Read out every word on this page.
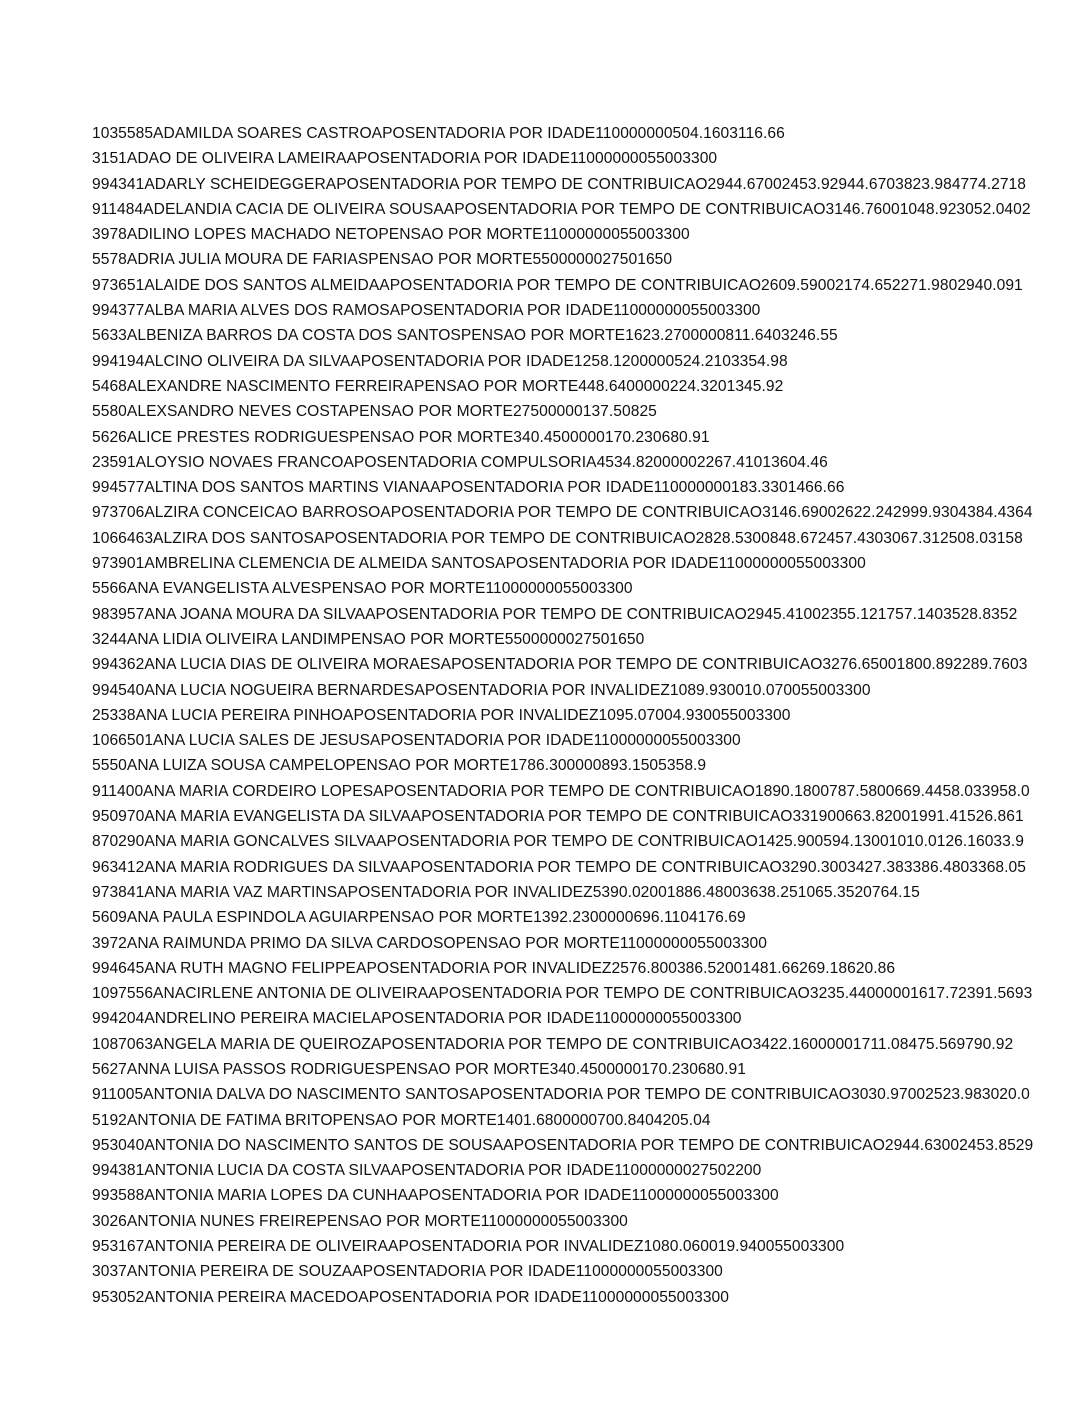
1035585ADAMILDA SOARES CASTROAPOSENTADORIA POR IDADE110000000504.1603116.66
3151ADAO DE OLIVEIRA LAMEIRAAPOSENTADORIA POR IDADE11000000055003300
994341ADARLY SCHEIDEGGERAPOSENTADORIA POR TEMPO DE CONTRIBUICAO2944.67002453.92944.6703823.984774.2718
911484ADELANDIA CACIA DE OLIVEIRA SOUSAAPOSENTADORIA POR TEMPO DE CONTRIBUICAO3146.76001048.923052.0402
3978ADILINO LOPES MACHADO NETOPENSAO POR MORTE11000000055003300
5578ADRIA JULIA MOURA DE FARIASPENSAO POR MORTE5500000027501650
973651ALAIDE DOS SANTOS ALMEIDAAPOSENTADORIA POR TEMPO DE CONTRIBUICAO2609.59002174.652271.9802940.091
994377ALBA MARIA ALVES DOS RAMOSAPOSENTADORIA POR IDADE11000000055003300
5633ALBENIZA BARROS DA COSTA DOS SANTOSPENSAO POR MORTE1623.2700000811.6403246.55
994194ALCINO OLIVEIRA DA SILVAAPOSENTADORIA POR IDADE1258.1200000524.2103354.98
5468ALEXANDRE NASCIMENTO FERREIRAPENSAO POR MORTE448.6400000224.3201345.92
5580ALEXSANDRO NEVES COSTAPENSAO POR MORTE27500000137.50825
5626ALICE PRESTES RODRIGUESPENSAO POR MORTE340.4500000170.230680.91
23591ALOYSIO NOVAES FRANCOAPOSENTADORIA COMPULSORIA4534.82000002267.41013604.46
994577ALTINA DOS SANTOS MARTINS VIANAAPOSENTADORIA POR IDADE110000000183.3301466.66
973706ALZIRA CONCEICAO BARROSOAPOSENTADORIA POR TEMPO DE CONTRIBUICAO3146.69002622.242999.9304384.4364
1066463ALZIRA DOS SANTOSAPOSENTADORIA POR TEMPO DE CONTRIBUICAO2828.5300848.672457.4303067.312508.03158
973901AMBRELINA CLEMENCIA DE ALMEIDA SANTOSAPOSENTADORIA POR IDADE11000000055003300
5566ANA EVANGELISTA ALVESPENSAO POR MORTE11000000055003300
983957ANA JOANA MOURA DA SILVAAPOSENTADORIA POR TEMPO DE CONTRIBUICAO2945.41002355.121757.1403528.8352
3244ANA LIDIA OLIVEIRA LANDIMPENSAO POR MORTE5500000027501650
994362ANA LUCIA DIAS DE OLIVEIRA MORAESAPOSENTADORIA POR TEMPO DE CONTRIBUICAO3276.65001800.892289.7603
994540ANA LUCIA NOGUEIRA BERNARDESAPOSENTADORIA POR INVALIDEZ1089.930010.070055003300
25338ANA LUCIA PEREIRA PINHOAPOSENTADORIA POR INVALIDEZ1095.07004.930055003300
1066501ANA LUCIA SALES DE JESUSAPOSENTADORIA POR IDADE11000000055003300
5550ANA LUIZA SOUSA CAMPELOPENSAO POR MORTE1786.300000893.1505358.9
911400ANA MARIA CORDEIRO LOPESAPOSENTADORIA POR TEMPO DE CONTRIBUICAO1890.1800787.5800669.4458.033958.0
950970ANA MARIA EVANGELISTA DA SILVAAPOSENTADORIA POR TEMPO DE CONTRIBUICAO331900663.82001991.41526.861
870290ANA MARIA GONCALVES SILVAAPOSENTADORIA POR TEMPO DE CONTRIBUICAO1425.900594.13001010.0126.16033.9
963412ANA MARIA RODRIGUES DA SILVAAPOSENTADORIA POR TEMPO DE CONTRIBUICAO3290.3003427.383386.4803368.05
973841ANA MARIA VAZ MARTINSAPOSENTADORIA POR INVALIDEZ5390.02001886.48003638.251065.3520764.15
5609ANA PAULA ESPINDOLA AGUIARPENSAO POR MORTE1392.2300000696.1104176.69
3972ANA RAIMUNDA PRIMO DA SILVA CARDOSOPENSAO POR MORTE11000000055003300
994645ANA RUTH MAGNO FELIPPEAPOSENTADORIA POR INVALIDEZ2576.800386.52001481.66269.18620.86
1097556ANACIRLENE ANTONIA DE OLIVEIRAAPOSENTADORIA POR TEMPO DE CONTRIBUICAO3235.44000001617.72391.5693
994204ANDRELINO PEREIRA MACIELAPOSENTADORIA POR IDADE11000000055003300
1087063ANGELA MARIA DE QUEIROZAPOSENTADORIA POR TEMPO DE CONTRIBUICAO3422.16000001711.08475.569790.92
5627ANNA LUISA PASSOS RODRIGUESPENSAO POR MORTE340.4500000170.230680.91
911005ANTONIA DALVA DO NASCIMENTO SANTOSAPOSENTADORIA POR TEMPO DE CONTRIBUICAO3030.97002523.983020.0
5192ANTONIA DE FATIMA BRITOPENSAO POR MORTE1401.6800000700.8404205.04
953040ANTONIA DO NASCIMENTO SANTOS DE SOUSAAPOSENTADORIA POR TEMPO DE CONTRIBUICAO2944.63002453.8529
994381ANTONIA LUCIA DA COSTA SILVAAPOSENTADORIA POR IDADE11000000027502200
993588ANTONIA MARIA LOPES DA CUNHAAPOSENTADORIA POR IDADE11000000055003300
3026ANTONIA NUNES FREIREPENSAO POR MORTE11000000055003300
953167ANTONIA PEREIRA DE OLIVEIRAAPOSENTADORIA POR INVALIDEZ1080.060019.940055003300
3037ANTONIA PEREIRA DE SOUZAAPOSENTADORIA POR IDADE11000000055003300
953052ANTONIA PEREIRA MACEDOAPOSENTADORIA POR IDADE11000000055003300
